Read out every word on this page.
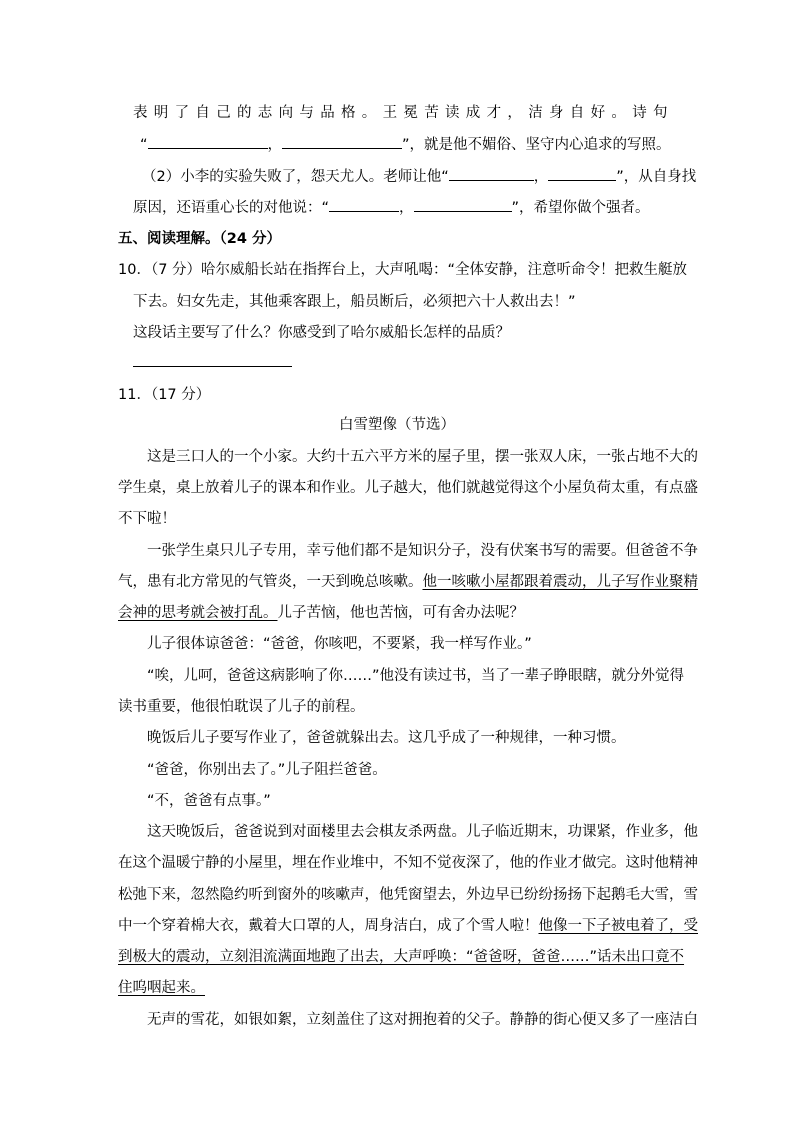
表明了自己的志向与品格。王冕苦读成才，洁身自好。诗句
“	，	”，就是他不媚俗、坚守内心追求的写照。
（2）小李的实验失败了，怨天尤人。老师让他“	，	”，从自身找
原因，还语重心长的对他说：“	，	”，希望你做个强者。
五、阅读理解。（24 分）
10．（7 分）哈尔威船长站在指挥台上，大声吼喝：“全体安静，注意听命令！把救生艇放
下去。妇女先走，其他乘客跟上，船员断后，必须把六十人救出去！”
这段话主要写了什么？你感受到了哈尔威船长怎样的品质？
11．（17 分）
白雪塑像（节选）
这是三口人的一个小家。大约十五六平方米的屋子里，摆一张双人床，一张占地不大的
学生桌，桌上放着儿子的课本和作业。儿子越大，他们就越觉得这个小屋负荷太重，有点盛
不下啦！
一张学生桌只儿子专用，幸亏他们都不是知识分子，没有伏案书写的需要。但爸爸不争
气，患有北方常见的气管炎，一天到晚总咳嗽。他一咳嗽小屋都跟着震动，儿子写作业聚精
会神的思考就会被打乱。儿子苦恼，他也苦恼，可有舍办法呢？
儿子很体谅爸爸：“爸爸，你咳吧，不要紧，我一样写作业。”
“唉，儿呵，爸爸这病影响了你……”他没有读过书，当了一辈子睁眼瞎，就分外觉得
读书重要，他很怕耽误了儿子的前程。
晚饭后儿子要写作业了，爸爸就躲出去。这几乎成了一种规律，一种习惯。
“爸爸，你别出去了。”儿子阻拦爸爸。
“不，爸爸有点事。”
这天晚饭后，爸爸说到对面楼里去会棋友杀两盘。儿子临近期末，功课紧，作业多，他
在这个温暖宁静的小屋里，埋在作业堆中，不知不觉夜深了，他的作业才做完。这时他精神
松弛下来，忽然隐约听到窗外的咳嗽声，他凭窗望去，外边早已纷纷扬扬下起鹅毛大雪，雪
中一个穿着棉大衣，戴着大口罩的人，周身洁白，成了个雪人啦！他像一下子被电着了，受
到极大的震动，立刻泪流满面地跑了出去，大声呼唤：“爸爸呀，爸爸……”话未出口竟不
住呜咽起来。
无声的雪花，如银如絮，立刻盖住了这对拥抱着的父子。静静的街心便又多了一座洁白
